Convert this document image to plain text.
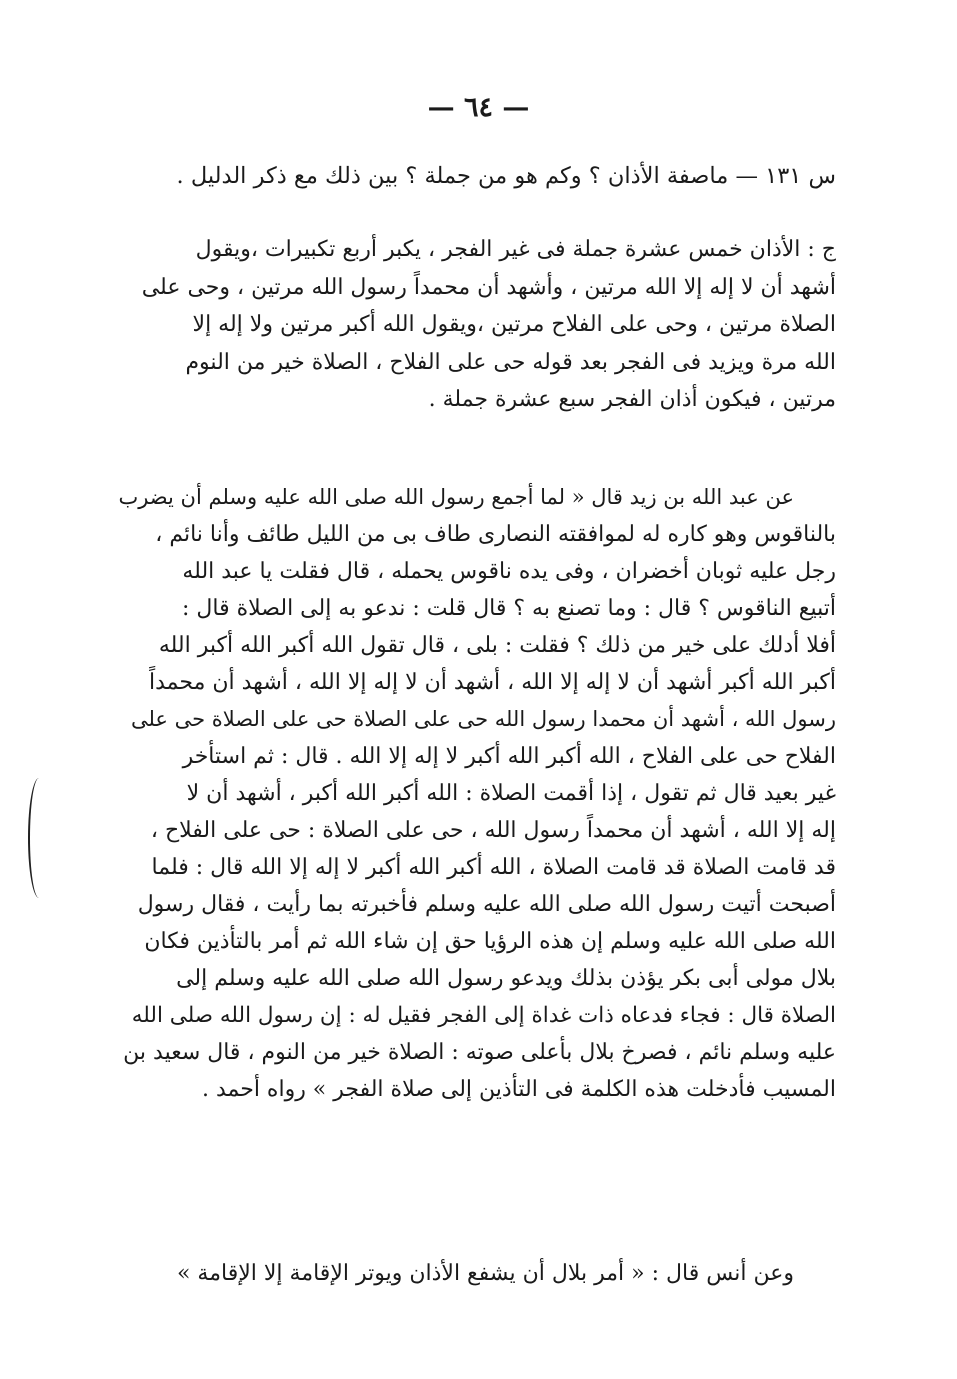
— ٦٤ —
س ١٣١ — ماصفة الأذان ؟ وكم هو من جملة ؟ بين ذلك مع ذكر الدليل .
ج : الأذان خمس عشرة جملة فى غير الفجر ، يكبر أربع تكبيرات ،ويقول
أشهد أن لا إله إلا الله مرتين ، وأشهد أن محمداً رسول الله مرتين ، وحى على
الصلاة مرتين ، وحى على الفلاح مرتين ،ويقول الله أكبر مرتين ولا إله إلا
الله مرة ويزيد فى الفجر بعد قوله حى على الفلاح ، الصلاة خير من النوم
مرتين ، فيكون أذان الفجر سبع عشرة جملة .
عن عبد الله بن زيد قال « لما أجمع رسول الله صلى الله عليه وسلم أن يضرب
بالناقوس وهو كاره له لموافقته النصارى طاف بى من الليل طائف وأنا نائم ،
رجل عليه ثوبان أخضران ، وفى يده ناقوس يحمله ، قال فقلت يا عبد الله
أتبيع الناقوس ؟ قال : وما تصنع به ؟ قال قلت : ندعو به إلى الصلاة قال :
أفلا أدلك على خير من ذلك ؟ فقلت : بلى ، قال تقول الله أكبر الله أكبر الله
أكبر الله أكبر أشهد أن لا إله إلا الله ، أشهد أن لا إله إلا الله ، أشهد أن محمداً
رسول الله ، أشهد أن محمدا رسول الله حى على الصلاة حى على الصلاة حى على
الفلاح حى على الفلاح ، الله أكبر الله أكبر لا إله إلا الله . قال : ثم استأخر
غير بعيد قال ثم تقول ، إذا أقمت الصلاة : الله أكبر الله أكبر ، أشهد أن لا
إله إلا الله ، أشهد أن محمداً رسول الله ، حى على الصلاة : حى على الفلاح ،
قد قامت الصلاة قد قامت الصلاة ، الله أكبر الله أكبر لا إله إلا الله قال : فلما
أصبحت أتيت رسول الله صلى الله عليه وسلم فأخبرته بما رأيت ، فقال رسول
الله صلى الله عليه وسلم إن هذه الرؤيا حق إن شاء الله ثم أمر بالتأذين فكان
بلال مولى أبى بكر يؤذن بذلك ويدعو رسول الله صلى الله عليه وسلم إلى
الصلاة قال : فجاء فدعاه ذات غداة إلى الفجر فقيل له : إن رسول الله صلى الله
عليه وسلم نائم ، فصرخ بلال بأعلى صوته : الصلاة خير من النوم ، قال سعيد بن
المسيب فأدخلت هذه الكلمة فى التأذين إلى صلاة الفجر » رواه أحمد .
وعن أنس قال : « أمر بلال أن يشفع الأذان ويوتر الإقامة إلا الإقامة »
